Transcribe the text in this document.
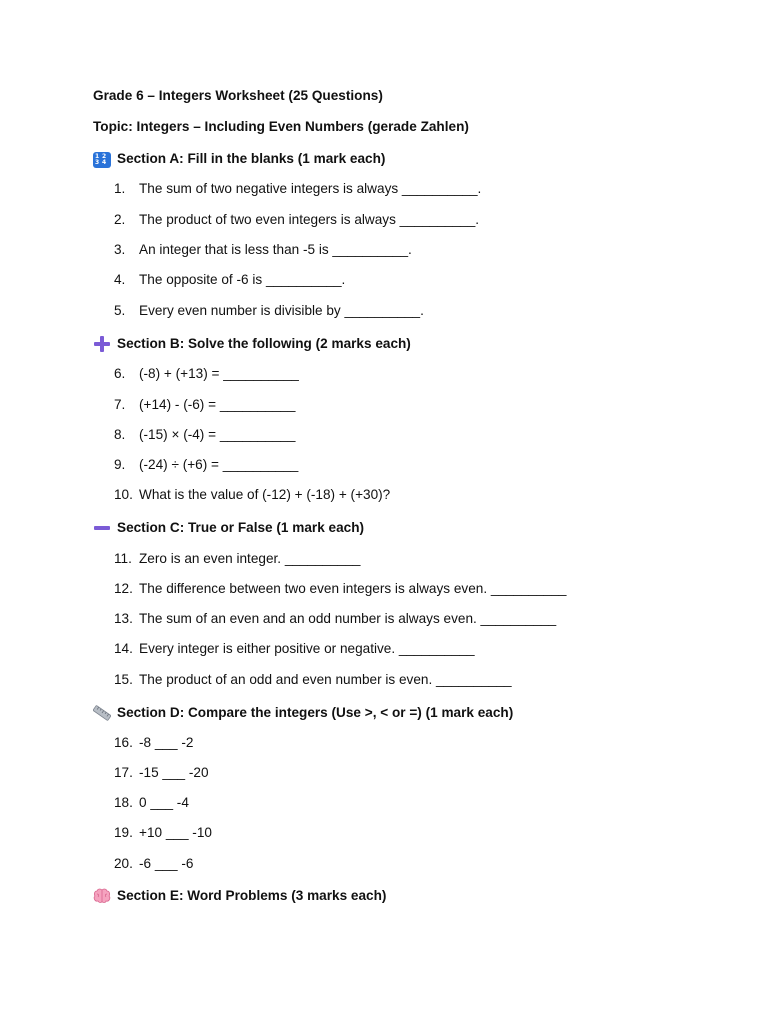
Grade 6 – Integers Worksheet (25 Questions)
Topic: Integers – Including Even Numbers (gerade Zahlen)
1 2
3 4 Section A: Fill in the blanks (1 mark each)
1.	The sum of two negative integers is always __________.
2.	The product of two even integers is always __________.
3.	An integer that is less than -5 is __________.
4.	The opposite of -6 is __________.
5.	Every even number is divisible by __________.
Section B: Solve the following (2 marks each)
6.	(-8) + (+13) = __________
7.	(+14) - (-6) = __________
8.	(-15) × (-4) = __________
9.	(-24) ÷ (+6) = __________
10. What is the value of (-12) + (-18) + (+30)?
Section C: True or False (1 mark each)
11. Zero is an even integer. __________
12. The difference between two even integers is always even. __________
13. The sum of an even and an odd number is always even. __________
14. Every integer is either positive or negative. __________
15. The product of an odd and even number is even. __________
Section D: Compare the integers (Use >, < or =) (1 mark each)
16. -8 ___ -2
17. -15 ___ -20
18. 0 ___ -4
19. +10 ___ -10
20. -6 ___ -6
Section E: Word Problems (3 marks each)
